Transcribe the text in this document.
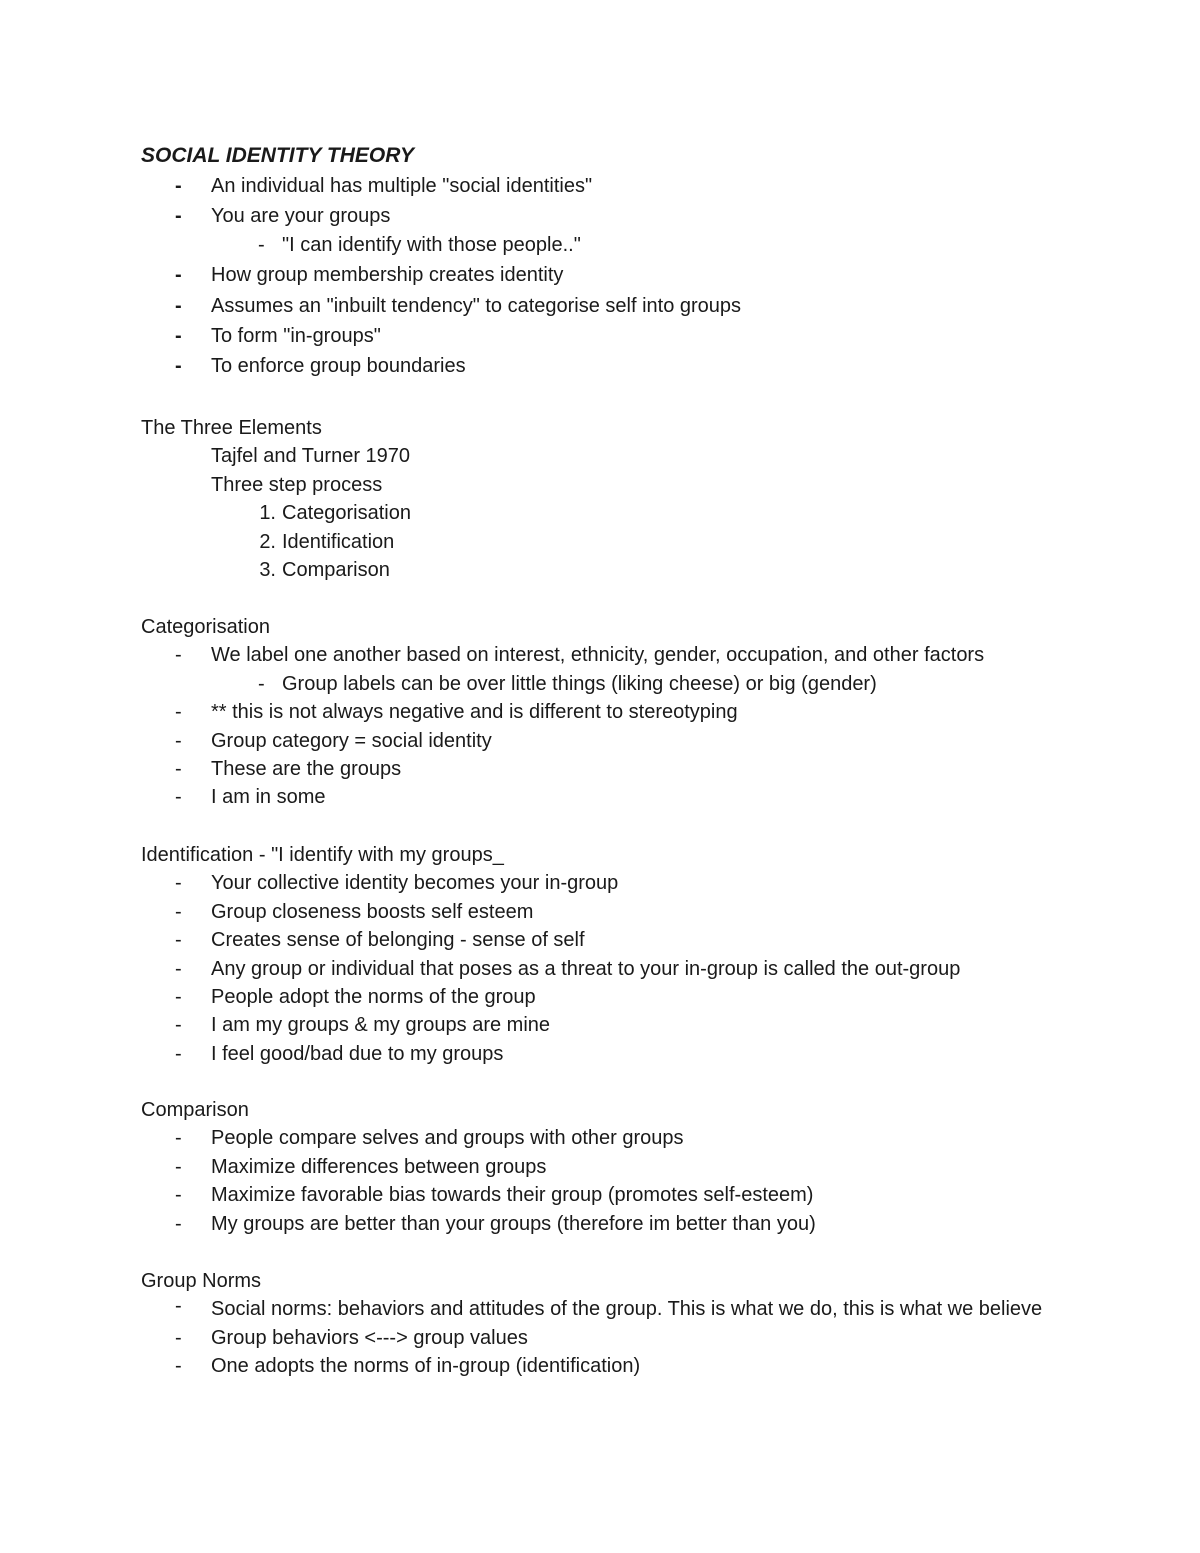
SOCIAL IDENTITY THEORY
-	An individual has multiple "social identities"
-	You are your groups
- "I can identify with those people.."
-	How group membership creates identity
-	Assumes an "inbuilt tendency" to categorise self into groups
-	To form "in-groups"
-	To enforce group boundaries
The Three Elements
Tajfel and Turner 1970
Three step process
1. Categorisation
2. Identification
3. Comparison
Categorisation
-	We label one another based on interest, ethnicity, gender, occupation, and other factors
- Group labels can be over little things (liking cheese) or big (gender)
-	** this is not always negative and is different to stereotyping
-	Group category = social identity
-	These are the groups
-	I am in some
Identification - "I identify with my groups_
-	Your collective identity becomes your in-group
-	Group closeness boosts self esteem
-	Creates sense of belonging - sense of self
-	Any group or individual that poses as a threat to your in-group is called the out-group
-	People adopt the norms of the group
-	I am my groups & my groups are mine
-	I feel good/bad due to my groups
Comparison
-	People compare selves and groups with other groups
-	Maximize differences between groups
-	Maximize favorable bias towards their group (promotes self-esteem)
-	My groups are better than your groups (therefore im better than you)
Group Norms
-	Social norms: behaviors and attitudes of the group. This is what we do, this is what we believe
-	Group behaviors <---> group values
-	One adopts the norms of in-group (identification)
